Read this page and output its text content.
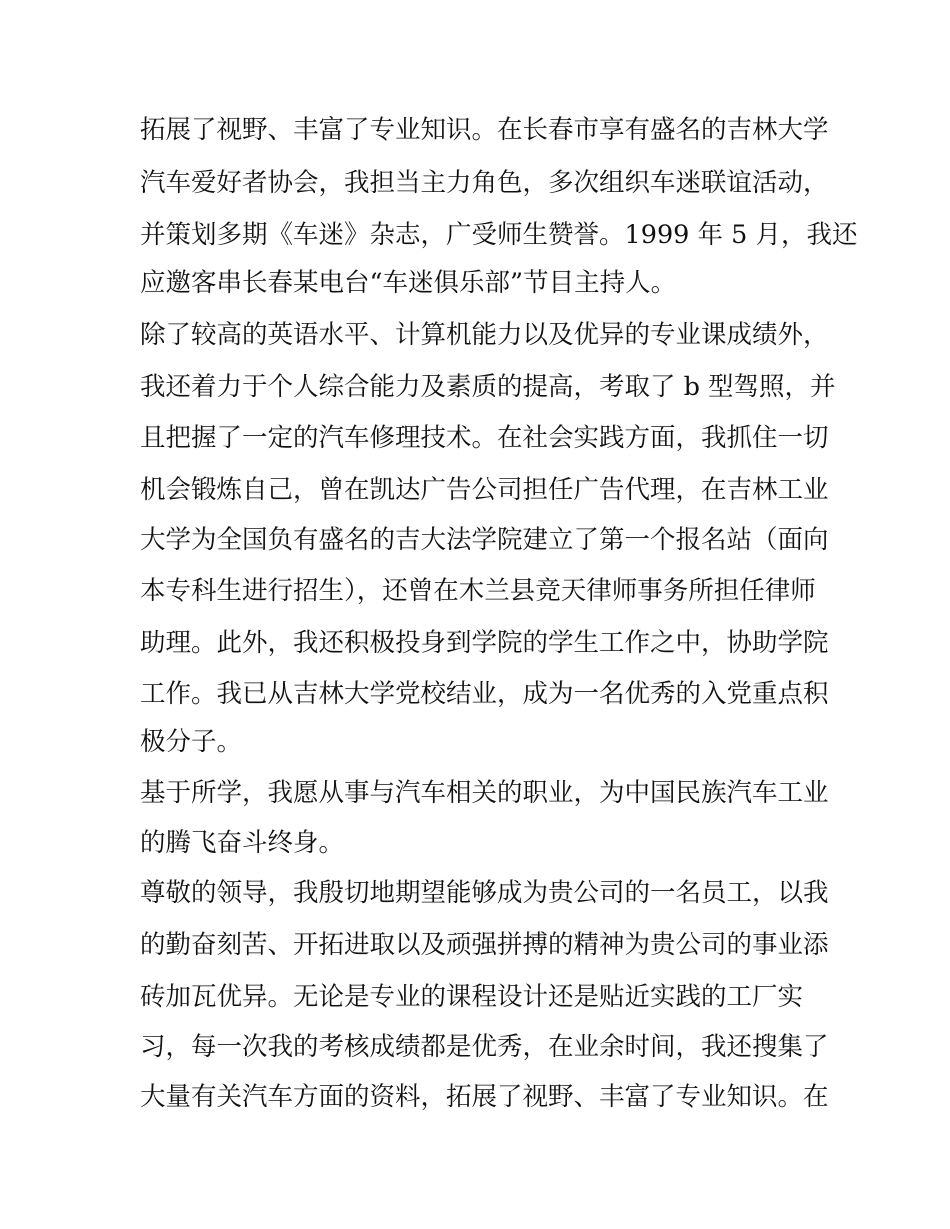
拓展了视野、丰富了专业知识。在长春市享有盛名的吉林大学
汽车爱好者协会，我担当主力角色，多次组织车迷联谊活动，
并策划多期《车迷》杂志，广受师生赞誉。1999 年 5 月，我还
应邀客串长春某电台“车迷俱乐部”节目主持人。
除了较高的英语水平、计算机能力以及优异的专业课成绩外，
我还着力于个人综合能力及素质的提高，考取了 b 型驾照，并
且把握了一定的汽车修理技术。在社会实践方面，我抓住一切
机会锻炼自己，曾在凯达广告公司担任广告代理，在吉林工业
大学为全国负有盛名的吉大法学院建立了第一个报名站（面向
本专科生进行招生），还曾在木兰县竞天律师事务所担任律师
助理。此外，我还积极投身到学院的学生工作之中，协助学院
工作。我已从吉林大学党校结业，成为一名优秀的入党重点积
极分子。
基于所学，我愿从事与汽车相关的职业，为中国民族汽车工业
的腾飞奋斗终身。
尊敬的领导，我殷切地期望能够成为贵公司的一名员工，以我
的勤奋刻苦、开拓进取以及顽强拼搏的精神为贵公司的事业添
砖加瓦优异。无论是专业的课程设计还是贴近实践的工厂实
习，每一次我的考核成绩都是优秀，在业余时间，我还搜集了
大量有关汽车方面的资料，拓展了视野、丰富了专业知识。在
